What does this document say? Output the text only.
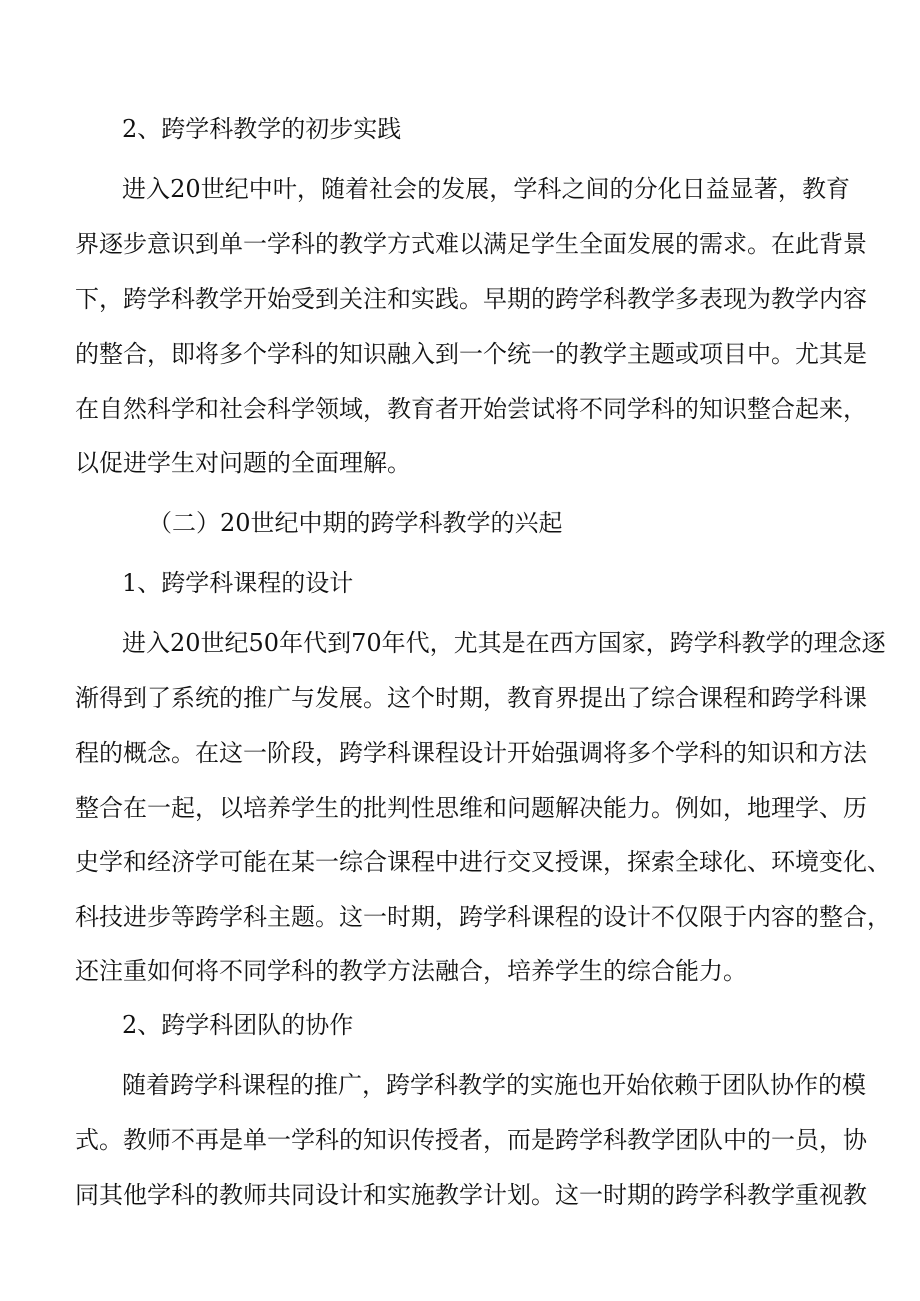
2、跨学科教学的初步实践
进入20世纪中叶，随着社会的发展，学科之间的分化日益显著，教育
界逐步意识到单一学科的教学方式难以满足学生全面发展的需求。在此背景
下，跨学科教学开始受到关注和实践。早期的跨学科教学多表现为教学内容
的整合，即将多个学科的知识融入到一个统一的教学主题或项目中。尤其是
在自然科学和社会科学领域，教育者开始尝试将不同学科的知识整合起来，
以促进学生对问题的全面理解。
（二）20世纪中期的跨学科教学的兴起
1、跨学科课程的设计
进入20世纪50年代到70年代，尤其是在西方国家，跨学科教学的理念逐
渐得到了系统的推广与发展。这个时期，教育界提出了综合课程和跨学科课
程的概念。在这一阶段，跨学科课程设计开始强调将多个学科的知识和方法
整合在一起，以培养学生的批判性思维和问题解决能力。例如，地理学、历
史学和经济学可能在某一综合课程中进行交叉授课，探索全球化、环境变化、
科技进步等跨学科主题。这一时期，跨学科课程的设计不仅限于内容的整合，
还注重如何将不同学科的教学方法融合，培养学生的综合能力。
2、跨学科团队的协作
随着跨学科课程的推广，跨学科教学的实施也开始依赖于团队协作的模
式。教师不再是单一学科的知识传授者，而是跨学科教学团队中的一员，协
同其他学科的教师共同设计和实施教学计划。这一时期的跨学科教学重视教
